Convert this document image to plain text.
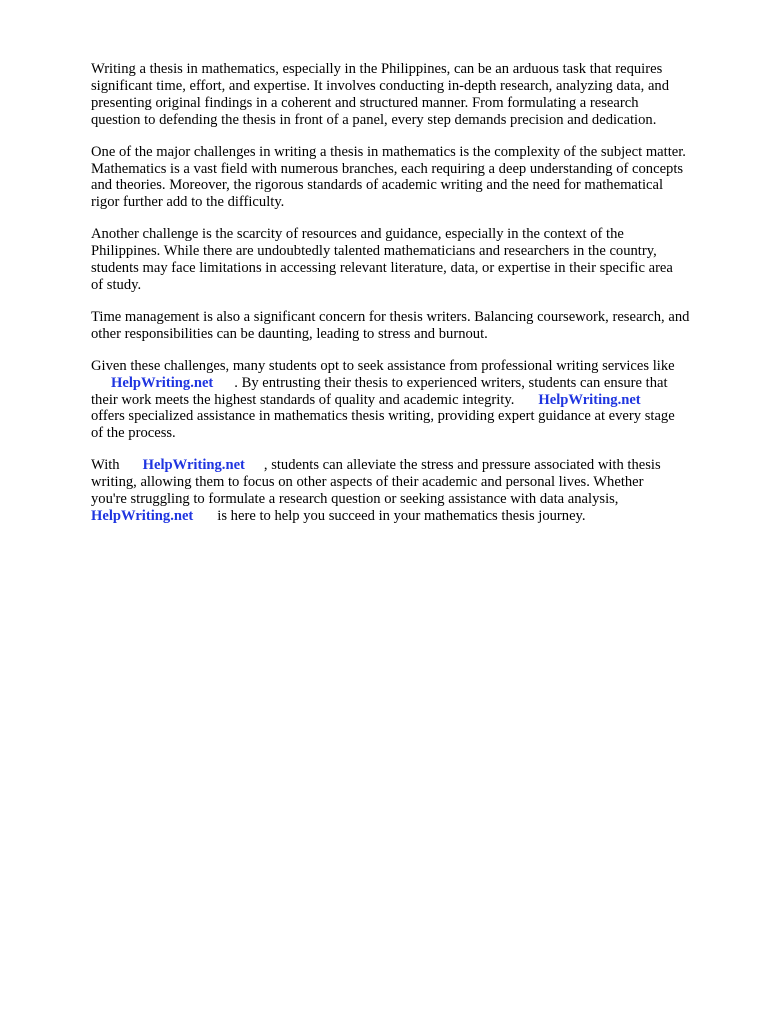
Writing a thesis in mathematics, especially in the Philippines, can be an arduous task that requires
significant time, effort, and expertise. It involves conducting in-depth research, analyzing data, and
presenting original findings in a coherent and structured manner. From formulating a research
question to defending the thesis in front of a panel, every step demands precision and dedication.

One of the major challenges in writing a thesis in mathematics is the complexity of the subject matter.
Mathematics is a vast field with numerous branches, each requiring a deep understanding of concepts
and theories. Moreover, the rigorous standards of academic writing and the need for mathematical
rigor further add to the difficulty.

Another challenge is the scarcity of resources and guidance, especially in the context of the
Philippines. While there are undoubtedly talented mathematicians and researchers in the country,
students may face limitations in accessing relevant literature, data, or expertise in their specific area
of study.

Time management is also a significant concern for thesis writers. Balancing coursework, research, and
other responsibilities can be daunting, leading to stress and burnout.

Given these challenges, many students opt to seek assistance from professional writing services like
HelpWriting.net . By entrusting their thesis to experienced writers, students can ensure that
their work meets the highest standards of quality and academic integrity. HelpWriting.net
offers specialized assistance in mathematics thesis writing, providing expert guidance at every stage
of the process.

With HelpWriting.net , students can alleviate the stress and pressure associated with thesis
writing, allowing them to focus on other aspects of their academic and personal lives. Whether
you're struggling to formulate a research question or seeking assistance with data analysis,
HelpWriting.net is here to help you succeed in your mathematics thesis journey.
